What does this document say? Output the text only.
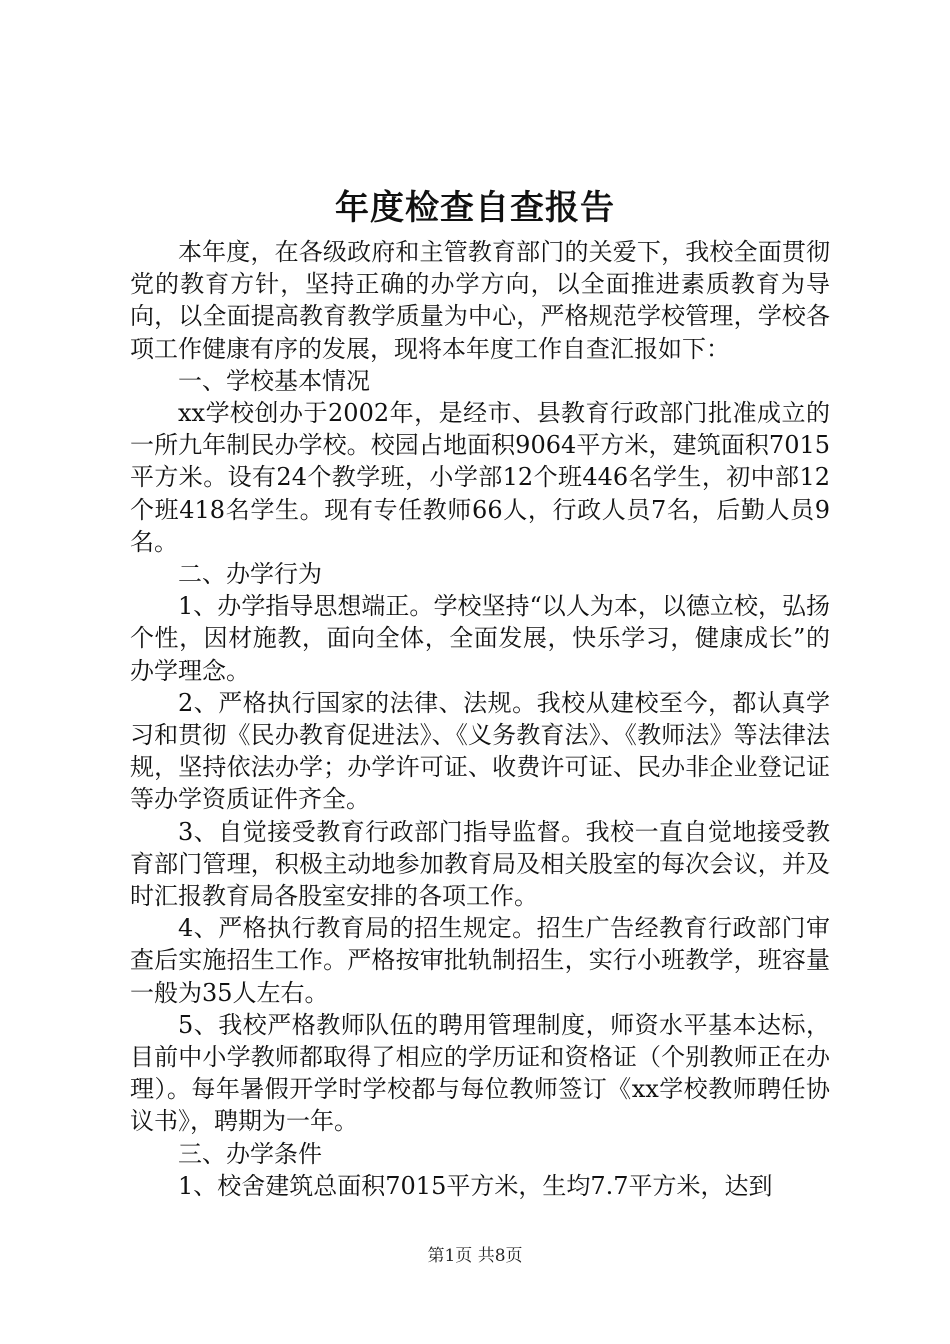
年度检查自查报告

本年度，在各级政府和主管教育部门的关爱下，我校全面贯彻党的教育方针，坚持正确的办学方向，以全面推进素质教育为导向，以全面提高教育教学质量为中心，严格规范学校管理，学校各项工作健康有序的发展，现将本年度工作自查汇报如下：

一、学校基本情况

xx学校创办于2002年，是经市、县教育行政部门批准成立的一所九年制民办学校。校园占地面积9064平方米，建筑面积7015平方米。设有24个教学班，小学部12个班446名学生，初中部12个班418名学生。现有专任教师66人，行政人员7名，后勤人员9名。

二、办学行为

1、办学指导思想端正。学校坚持“以人为本，以德立校，弘扬个性，因材施教，面向全体，全面发展，快乐学习，健康成长”的办学理念。

2、严格执行国家的法律、法规。我校从建校至今，都认真学习和贯彻《民办教育促进法》、《义务教育法》、《教师法》等法律法规，坚持依法办学；办学许可证、收费许可证、民办非企业登记证等办学资质证件齐全。

3、自觉接受教育行政部门指导监督。我校一直自觉地接受教育部门管理，积极主动地参加教育局及相关股室的每次会议，并及时汇报教育局各股室安排的各项工作。

4、严格执行教育局的招生规定。招生广告经教育行政部门审查后实施招生工作。严格按审批轨制招生，实行小班教学，班容量一般为35人左右。

5、我校严格教师队伍的聘用管理制度，师资水平基本达标，目前中小学教师都取得了相应的学历证和资格证（个别教师正在办理）。每年暑假开学时学校都与每位教师签订《xx学校教师聘任协议书》，聘期为一年。

三、办学条件

1、校舍建筑总面积7015平方米，生均7.7平方米，达到

第1页 共8页
